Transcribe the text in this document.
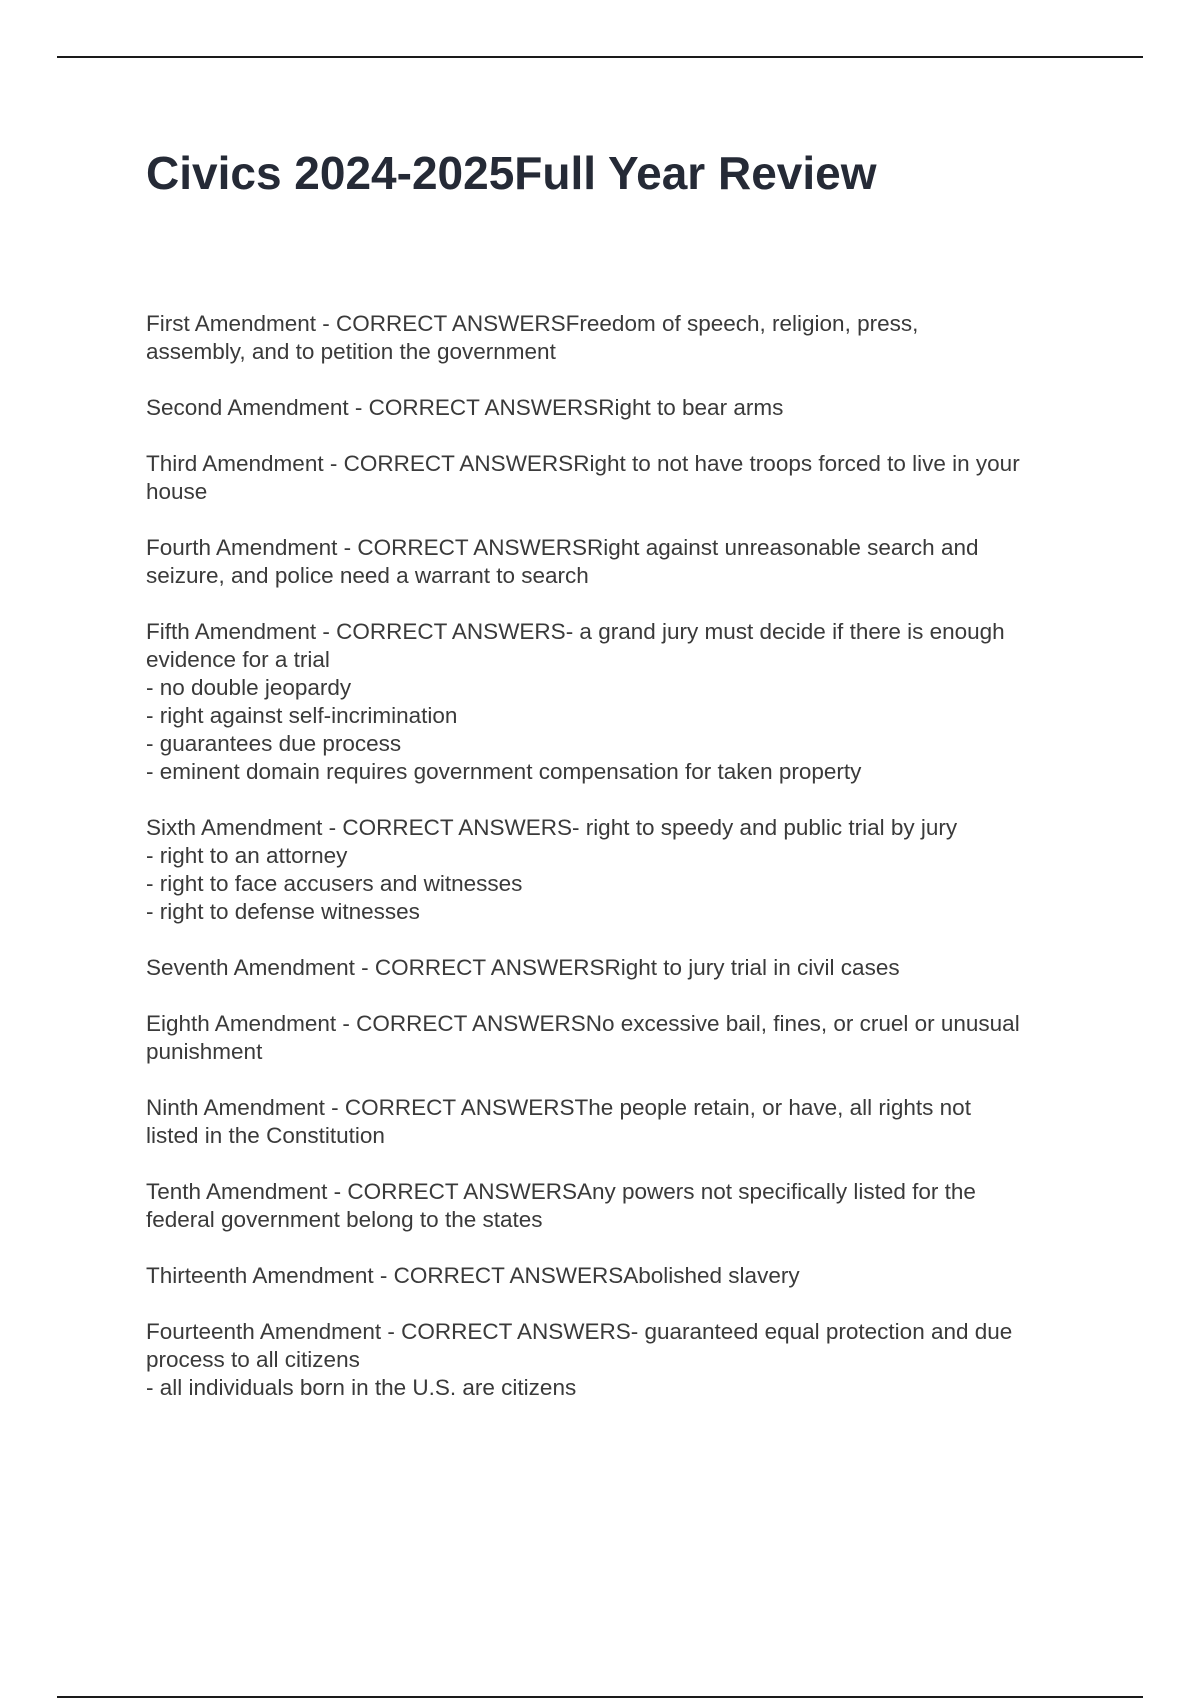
Civics 2024-2025Full Year Review
First Amendment - CORRECT ANSWERSFreedom of speech, religion, press,
assembly, and to petition the government
Second Amendment - CORRECT ANSWERSRight to bear arms
Third Amendment - CORRECT ANSWERSRight to not have troops forced to live in your
house
Fourth Amendment - CORRECT ANSWERSRight against unreasonable search and
seizure, and police need a warrant to search
Fifth Amendment - CORRECT ANSWERS- a grand jury must decide if there is enough
evidence for a trial
- no double jeopardy
- right against self-incrimination
- guarantees due process
- eminent domain requires government compensation for taken property
Sixth Amendment - CORRECT ANSWERS- right to speedy and public trial by jury
- right to an attorney
- right to face accusers and witnesses
- right to defense witnesses
Seventh Amendment - CORRECT ANSWERSRight to jury trial in civil cases
Eighth Amendment - CORRECT ANSWERSNo excessive bail, fines, or cruel or unusual
punishment
Ninth Amendment - CORRECT ANSWERSThe people retain, or have, all rights not
listed in the Constitution
Tenth Amendment - CORRECT ANSWERSAny powers not specifically listed for the
federal government belong to the states
Thirteenth Amendment - CORRECT ANSWERSAbolished slavery
Fourteenth Amendment - CORRECT ANSWERS- guaranteed equal protection and due
process to all citizens
- all individuals born in the U.S. are citizens
